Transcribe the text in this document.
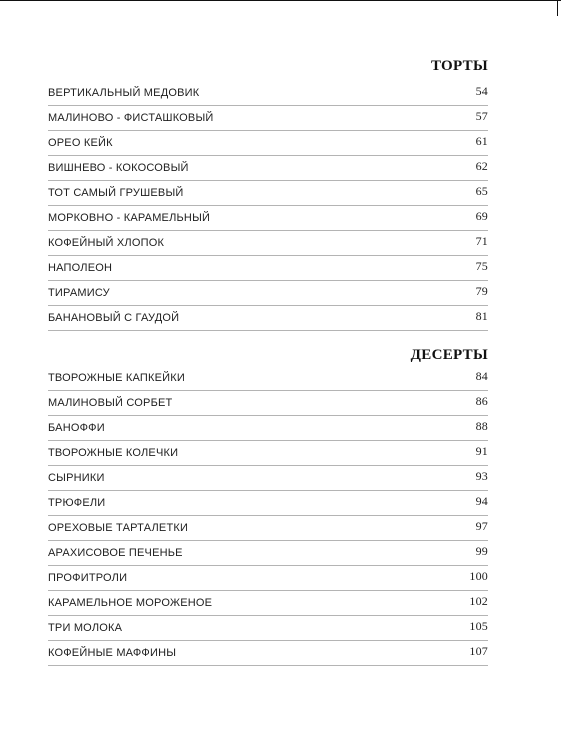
ТОРТЫ
ВЕРТИКАЛЬНЫЙ МЕДОВИК	54
МАЛИНОВО - ФИСТАШКОВЫЙ	57
ОРЕО КЕЙК	61
ВИШНЕВО - КОКОСОВЫЙ	62
ТОТ САМЫЙ ГРУШЕВЫЙ	65
МОРКОВНО - КАРАМЕЛЬНЫЙ	69
КОФЕЙНЫЙ ХЛОПОК	71
НАПОЛЕОН	75
ТИРАМИСУ	79
БАНАНОВЫЙ С ГАУДОЙ	81
ДЕСЕРТЫ
ТВОРОЖНЫЕ КАПКЕЙКИ	84
МАЛИНОВЫЙ СОРБЕТ	86
БАНОФФИ	88
ТВОРОЖНЫЕ КОЛЕЧКИ	91
СЫРНИКИ	93
ТРЮФЕЛИ	94
ОРЕХОВЫЕ ТАРТАЛЕТКИ	97
АРАХИСОВОЕ ПЕЧЕНЬЕ	99
ПРОФИТРОЛИ	100
КАРАМЕЛЬНОЕ МОРОЖЕНОЕ	102
ТРИ МОЛОКА	105
КОФЕЙНЫЕ МАФФИНЫ	107
